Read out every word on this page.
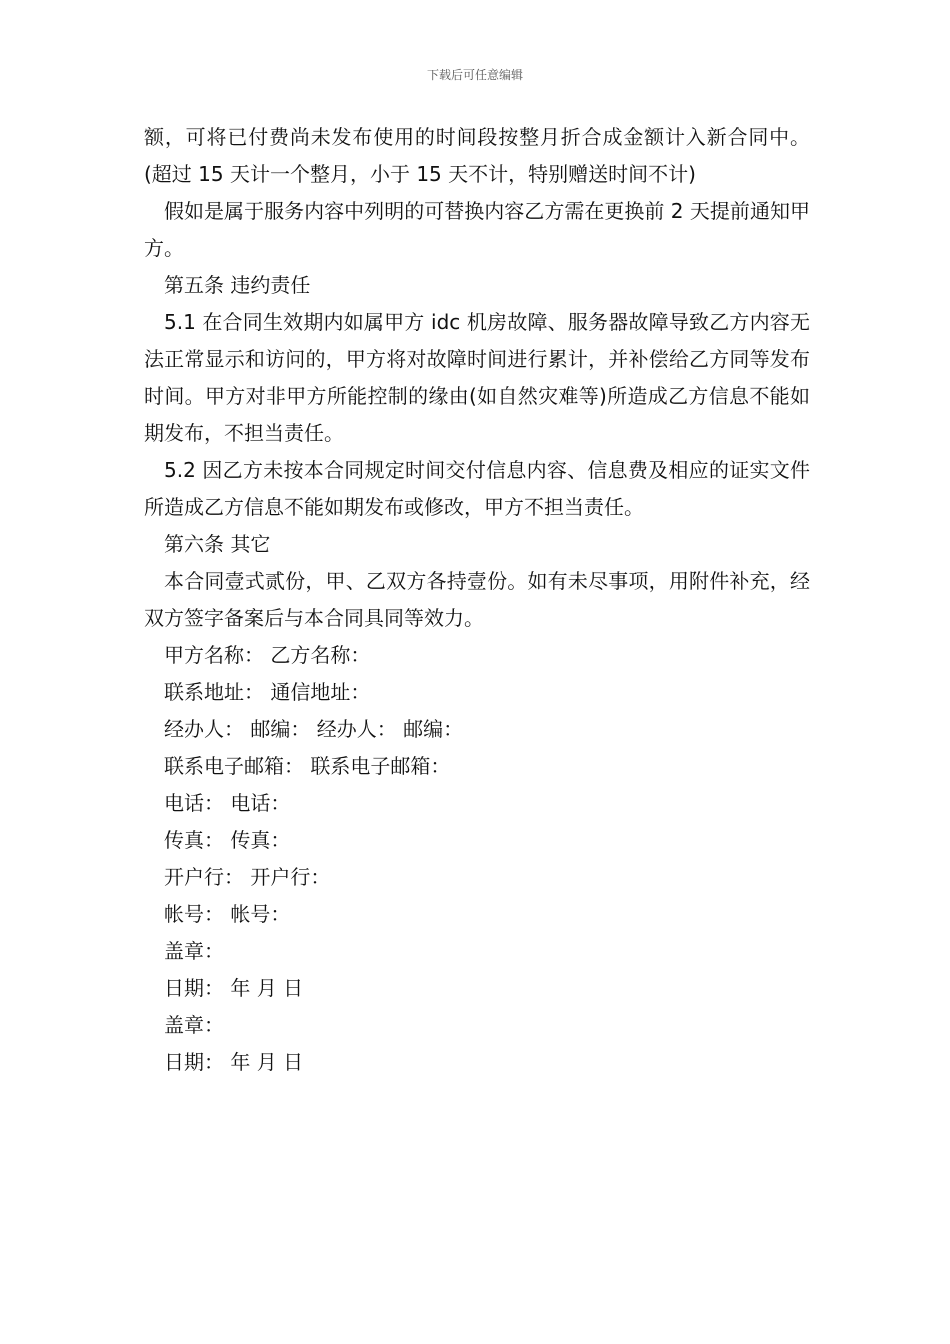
下载后可任意编辑

额，可将已付费尚未发布使用的时间段按整月折合成金额计入新合同中。(超过 15 天计一个整月，小于 15 天不计，特别赠送时间不计)

假如是属于服务内容中列明的可替换内容乙方需在更换前 2 天提前通知甲方。

第五条 违约责任

5.1 在合同生效期内如属甲方 idc 机房故障、服务器故障导致乙方内容无法正常显示和访问的，甲方将对故障时间进行累计，并补偿给乙方同等发布时间。甲方对非甲方所能控制的缘由(如自然灾难等)所造成乙方信息不能如期发布，不担当责任。

5.2 因乙方未按本合同规定时间交付信息内容、信息费及相应的证实文件所造成乙方信息不能如期发布或修改，甲方不担当责任。

第六条 其它

本合同壹式贰份，甲、乙双方各持壹份。如有未尽事项，用附件补充，经双方签字备案后与本合同具同等效力。

甲方名称： 乙方名称：

联系地址： 通信地址：

经办人： 邮编： 经办人： 邮编：

联系电子邮箱： 联系电子邮箱：

电话： 电话：

传真： 传真：

开户行： 开户行：

帐号： 帐号：

盖章：

日期： 年 月 日

盖章：

日期： 年 月 日
